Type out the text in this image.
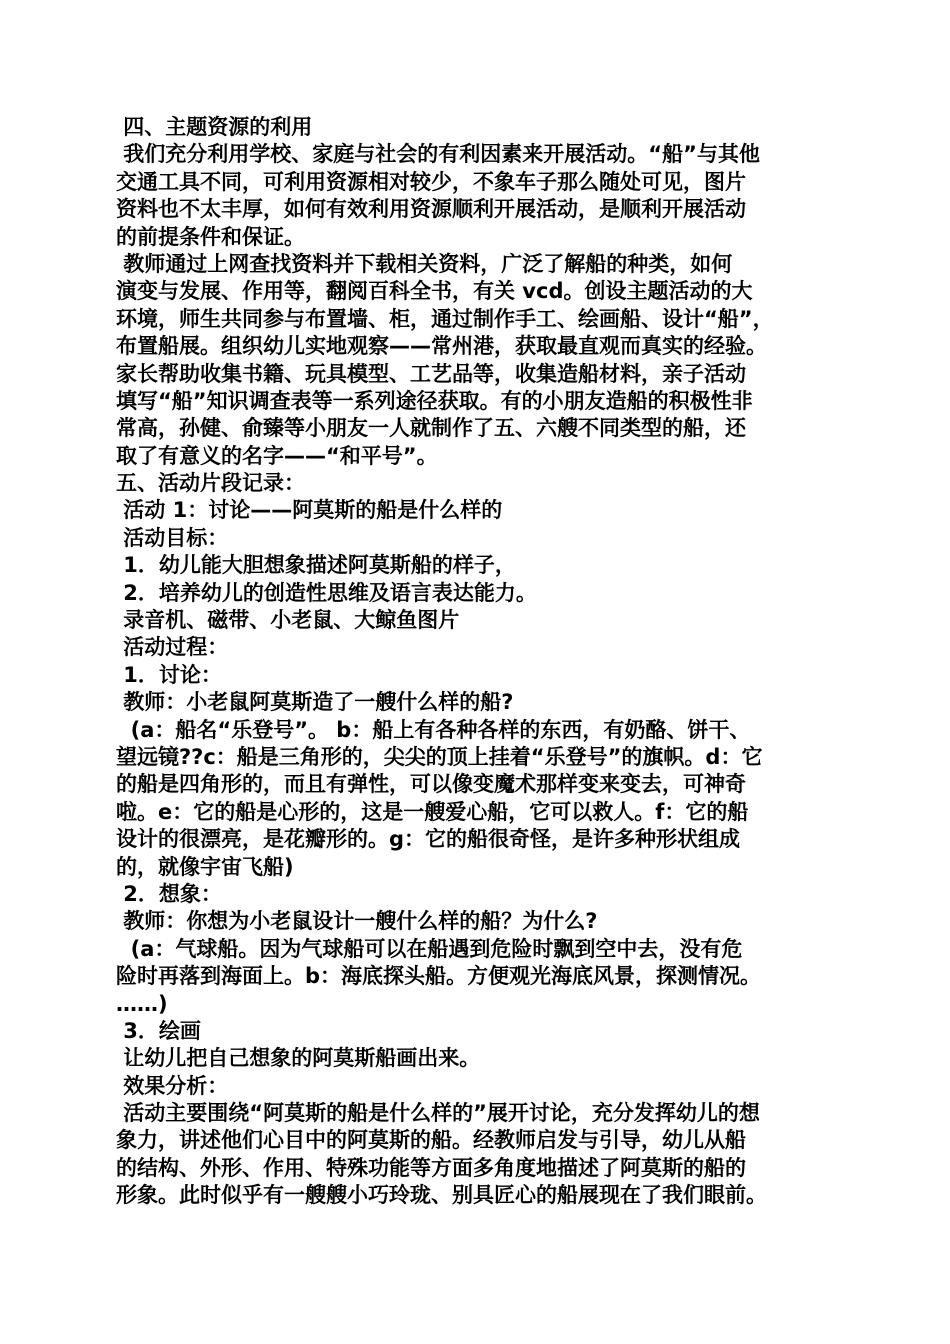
四、主题资源的利用
我们充分利用学校、家庭与社会的有利因素来开展活动。“船”与其他
交通工具不同，可利用资源相对较少，不象车子那么随处可见，图片
资料也不太丰厚，如何有效利用资源顺利开展活动，是顺利开展活动
的前提条件和保证。
教师通过上网查找资料并下载相关资料，广泛了解船的种类，如何
演变与发展、作用等，翻阅百科全书，有关 vcd。创设主题活动的大
环境，师生共同参与布置墙、柜，通过制作手工、绘画船、设计“船”，
布置船展。组织幼儿实地观察——常州港，获取最直观而真实的经验。
家长帮助收集书籍、玩具模型、工艺品等，收集造船材料，亲子活动
填写“船”知识调查表等一系列途径获取。有的小朋友造船的积极性非
常高，孙健、俞臻等小朋友一人就制作了五、六艘不同类型的船，还
取了有意义的名字——“和平号”。
五、活动片段记录：
活动 1：讨论——阿莫斯的船是什么样的
活动目标：
1．幼儿能大胆想象描述阿莫斯船的样子，
2．培养幼儿的创造性思维及语言表达能力。
录音机、磁带、小老鼠、大鲸鱼图片
活动过程：
1．讨论：
教师：小老鼠阿莫斯造了一艘什么样的船?
(a：船名“乐登号”。 b：船上有各种各样的东西，有奶酪、饼干、
望远镜??c：船是三角形的，尖尖的顶上挂着“乐登号”的旗帜。d：它
的船是四角形的，而且有弹性，可以像变魔术那样变来变去，可神奇
啦。e：它的船是心形的，这是一艘爱心船，它可以救人。f：它的船
设计的很漂亮，是花瓣形的。g：它的船很奇怪，是许多种形状组成
的，就像宇宙飞船)
2．想象：
教师：你想为小老鼠设计一艘什么样的船？为什么?
(a：气球船。因为气球船可以在船遇到危险时飘到空中去，没有危
险时再落到海面上。b：海底探头船。方便观光海底风景，探测情况。
……)
3．绘画
让幼儿把自己想象的阿莫斯船画出来。
效果分析：
活动主要围绕“阿莫斯的船是什么样的”展开讨论，充分发挥幼儿的想
象力，讲述他们心目中的阿莫斯的船。经教师启发与引导，幼儿从船
的结构、外形、作用、特殊功能等方面多角度地描述了阿莫斯的船的
形象。此时似乎有一艘艘小巧玲珑、别具匠心的船展现在了我们眼前。
